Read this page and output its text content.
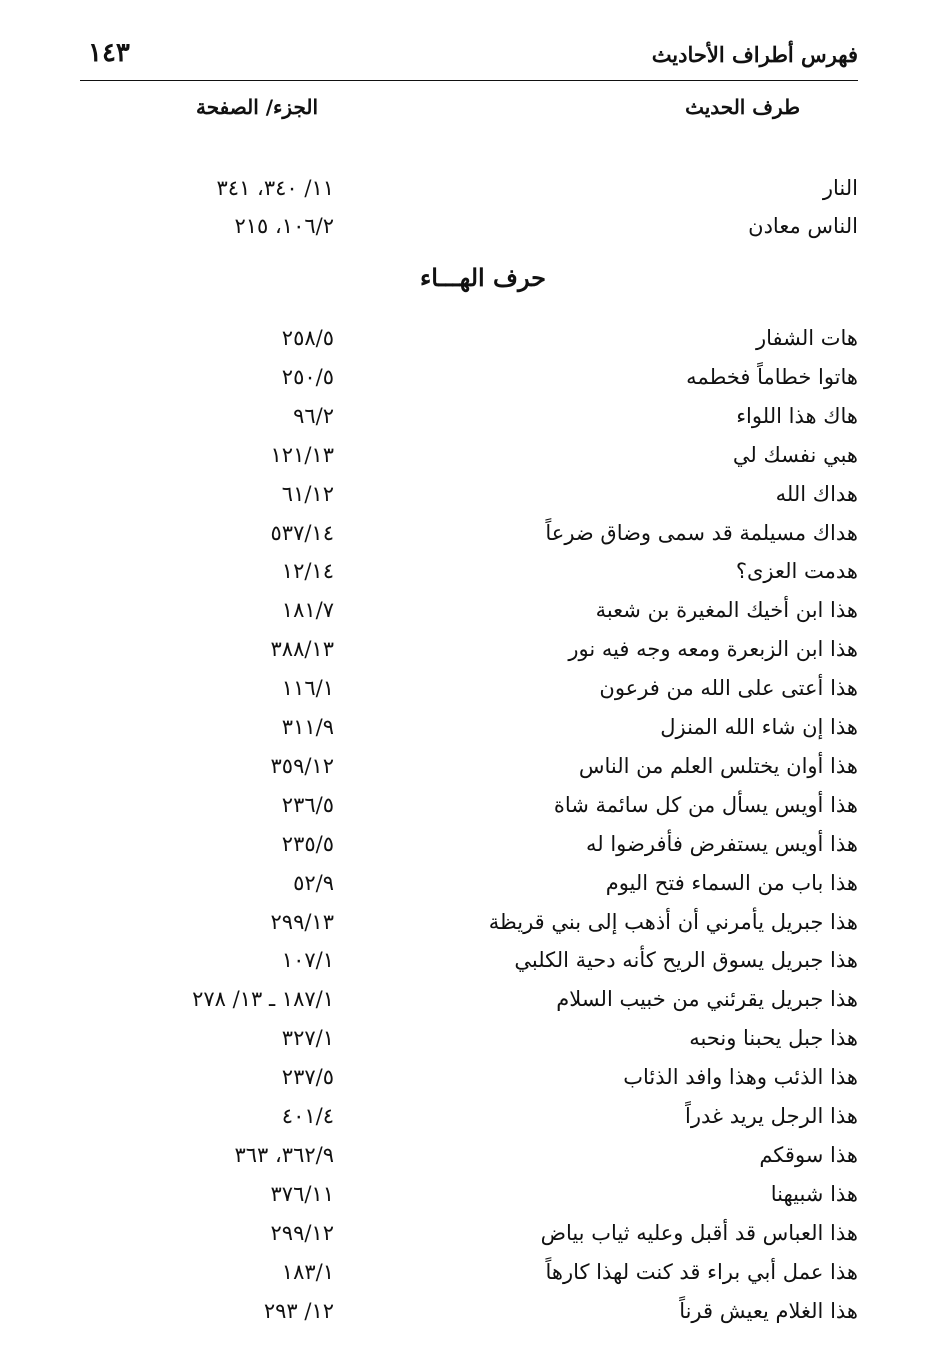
فهرس أطراف الأحاديث
١٤٣
طرف الحديث
الجزء/ الصفحة
النار
١١/ ٣٤٠، ٣٤١
الناس معادن
١٠٦/٢، ٢١٥
حرف الهـــاء
هات الشفار
٢٥٨/٥
هاتوا خطاماً فخطمه
٢٥٠/٥
هاك هذا اللواء
٩٦/٢
هبي نفسك لي
١٢١/١٣
هداك الله
٦١/١٢
هداك مسيلمة قد سمى وضاق ضرعاً
٥٣٧/١٤
هدمت العزى؟
١٢/١٤
هذا ابن أخيك المغيرة بن شعبة
١٨١/٧
هذا ابن الزبعرة ومعه وجه فيه نور
٣٨٨/١٣
هذا أعتى على الله من فرعون
١١٦/١
هذا إن شاء الله المنزل
٣١١/٩
هذا أوان يختلس العلم من الناس
٣٥٩/١٢
هذا أويس يسأل من كل سائمة شاة
٢٣٦/٥
هذا أويس يستفرض فأفرضوا له
٢٣٥/٥
هذا باب من السماء فتح اليوم
٥٢/٩
هذا جبريل يأمرني أن أذهب إلى بني قريظة
٢٩٩/١٣
هذا جبريل يسوق الريح كأنه دحية الكلبي
١٠٧/١
هذا جبريل يقرئني من خبيب السلام
١٨٧/١ ـ ١٣/ ٢٧٨
هذا جبل يحبنا ونحبه
٣٢٧/١
هذا الذئب وهذا وافد الذئاب
٢٣٧/٥
هذا الرجل يريد غدراً
٤٠١/٤
هذا سوقكم
٣٦٢/٩، ٣٦٣
هذا شبيهنا
٣٧٦/١١
هذا العباس قد أقبل وعليه ثياب بياض
٢٩٩/١٢
هذا عمل أبي براء قد كنت لهذا كارهاً
١٨٣/١
هذا الغلام يعيش قرناً
١٢/ ٢٩٣
